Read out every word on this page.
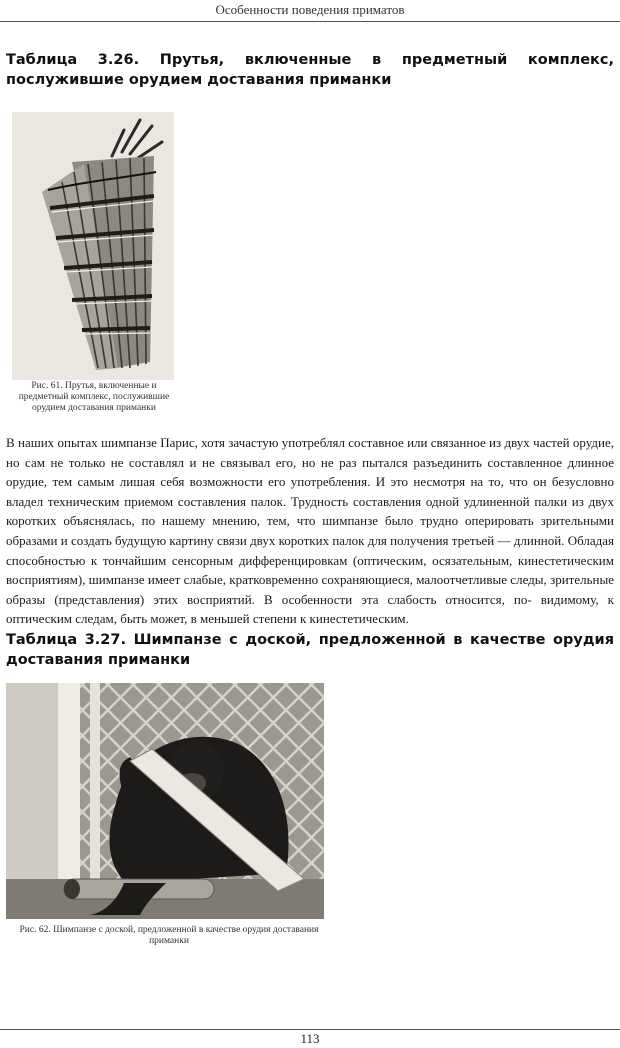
Особенности поведения приматов
Таблица 3.26. Прутья, включенные в предметный комплекс, послужившие орудием доставания приманки
Рис. 61. Прутья, включенные и предметный комплекс, послужившие орудием доставания приманки
В наших опытах шимпанзе Парис, хотя зачастую употреблял составное или связанное из двух частей орудие, но сам не только не составлял и не связывал его, но не раз пытался разъединить составленное длинное орудие, тем самым лишая себя возможности его употребления. И это несмотря на то, что он безусловно владел техническим приемом составления палок. Трудность составления одной удлиненной палки из двух коротких объяснялась, по нашему мнению, тем, что шимпанзе было трудно оперировать зрительными образами и создать будущую картину связи двух коротких палок для получения третьей — длинной. Обладая способностью к тончайшим сенсорным дифференцировкам (оптическим, осязательным, кинестетическим восприятиям), шимпанзе имеет слабые, кратковременно сохраняющиеся, малоотчетливые следы, зрительные образы (представления) этих восприятий. В особенности эта слабость относится, по- видимому, к оптическим следам, быть может, в меньшей степени к кинестетическим.
Таблица 3.27. Шимпанзе с доской, предложенной в качестве орудия доставания приманки
Рис. 62. Шимпанзе с доской, предложенной в качестве орудия доставания приманки
113
